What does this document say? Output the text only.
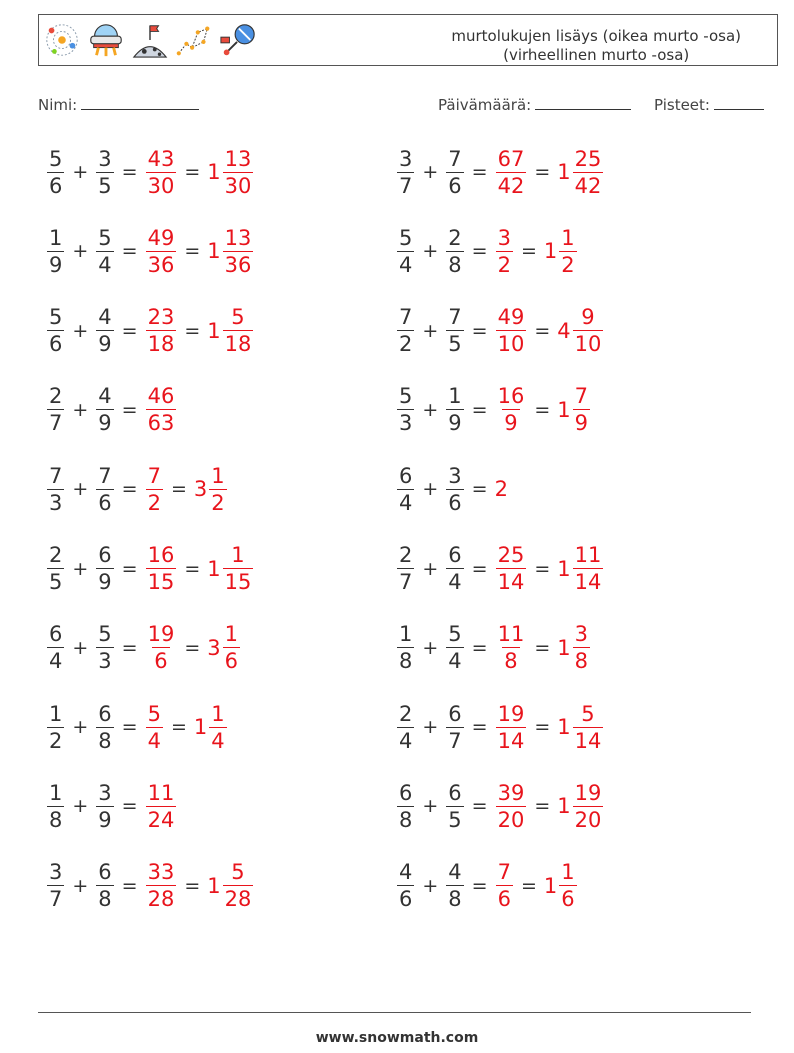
murtolukujen lisäys (oikea murto -osa)
(virheellinen murto -osa)
Nimi:	Päivämäärä:	Pisteet:
$\frac{5}{6} + \frac{3}{5} = \frac{43}{30} = 1 \frac{13}{30}$	$\frac{3}{7} + \frac{7}{6} = \frac{67}{42} = 1 \frac{25}{42}$
$\frac{1}{9} + \frac{5}{4} = \frac{49}{36} = 1 \frac{13}{36}$	$\frac{5}{4} + \frac{2}{8} = \frac{3}{2} = 1 \frac{1}{2}$
$\frac{5}{6} + \frac{4}{9} = \frac{23}{18} = 1 \frac{5}{18}$	$\frac{7}{2} + \frac{7}{5} = \frac{49}{10} = 4 \frac{9}{10}$
$\frac{2}{7} + \frac{4}{9} = \frac{46}{63}$	$\frac{5}{3} + \frac{1}{9} = \frac{16}{9} = 1 \frac{7}{9}$
$\frac{7}{3} + \frac{7}{6} = \frac{7}{2} = 3 \frac{1}{2}$	$\frac{6}{4} + \frac{3}{6} = 2$
$\frac{2}{5} + \frac{6}{9} = \frac{16}{15} = 1 \frac{1}{15}$	$\frac{2}{7} + \frac{6}{4} = \frac{25}{14} = 1 \frac{11}{14}$
$\frac{6}{4} + \frac{5}{3} = \frac{19}{6} = 3 \frac{1}{6}$	$\frac{1}{8} + \frac{5}{4} = \frac{11}{8} = 1 \frac{3}{8}$
$\frac{1}{2} + \frac{6}{8} = \frac{5}{4} = 1 \frac{1}{4}$	$\frac{2}{4} + \frac{6}{7} = \frac{19}{14} = 1 \frac{5}{14}$
$\frac{1}{8} + \frac{3}{9} = \frac{11}{24}$	$\frac{6}{8} + \frac{6}{5} = \frac{39}{20} = 1 \frac{19}{20}$
$\frac{3}{7} + \frac{6}{8} = \frac{33}{28} = 1 \frac{5}{28}$	$\frac{4}{6} + \frac{4}{8} = \frac{7}{6} = 1 \frac{1}{6}$
www.snowmath.com
